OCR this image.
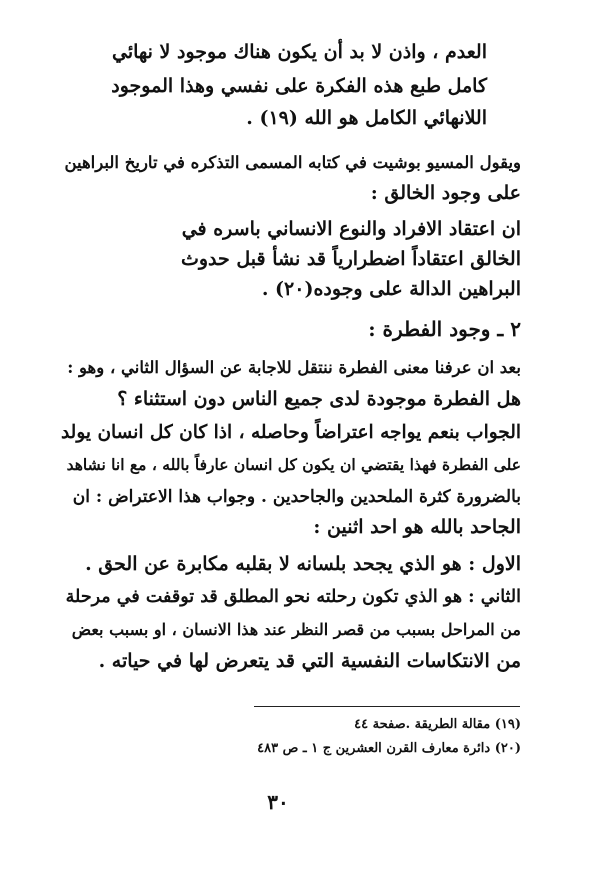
العدم ، واذن لا بد أن يكون هناك موجود لا نهائي
كامل طبع هذه الفكرة على نفسي وهذا الموجود
اللانهائي الكامل هو الله (١٩) .
ويقول المسيو بوشيت في كتابه المسمى التذكره في تاريخ البراهين
على وجود الخالق :
ان اعتقاد الافراد والنوع الانساني باسره في
الخالق اعتقاداً اضطرارياً قد نشأ قبل حدوث
البراهين الدالة على وجوده(٢٠) .
٢ ـ وجود الفطرة :
بعد ان عرفنا معنى الفطرة ننتقل للاجابة عن السؤال الثاني ، وهو :
هل الفطرة موجودة لدى جميع الناس دون استثناء ؟
الجواب بنعم يواجه اعتراضاً وحاصله ، اذا كان كل انسان يولد
على الفطرة فهذا يقتضي ان يكون كل انسان عارفاً بالله ، مع انا نشاهد
بالضرورة كثرة الملحدين والجاحدين . وجواب هذا الاعتراض : ان
الجاحد بالله هو احد اثنين :
الاول : هو الذي يجحد بلسانه لا بقلبه مكابرة عن الحق .
الثاني : هو الذي تكون رحلته نحو المطلق قد توقفت في مرحلة
من المراحل بسبب من قصر النظر عند هذا الانسان ، او بسبب بعض
من الانتكاسات النفسية التي قد يتعرض لها في حياته .
(١٩) مقالة الطريقة .صفحة ٤٤
(٢٠) دائرة معارف القرن العشرين ج ١ ـ ص ٤٨٣
٣٠
